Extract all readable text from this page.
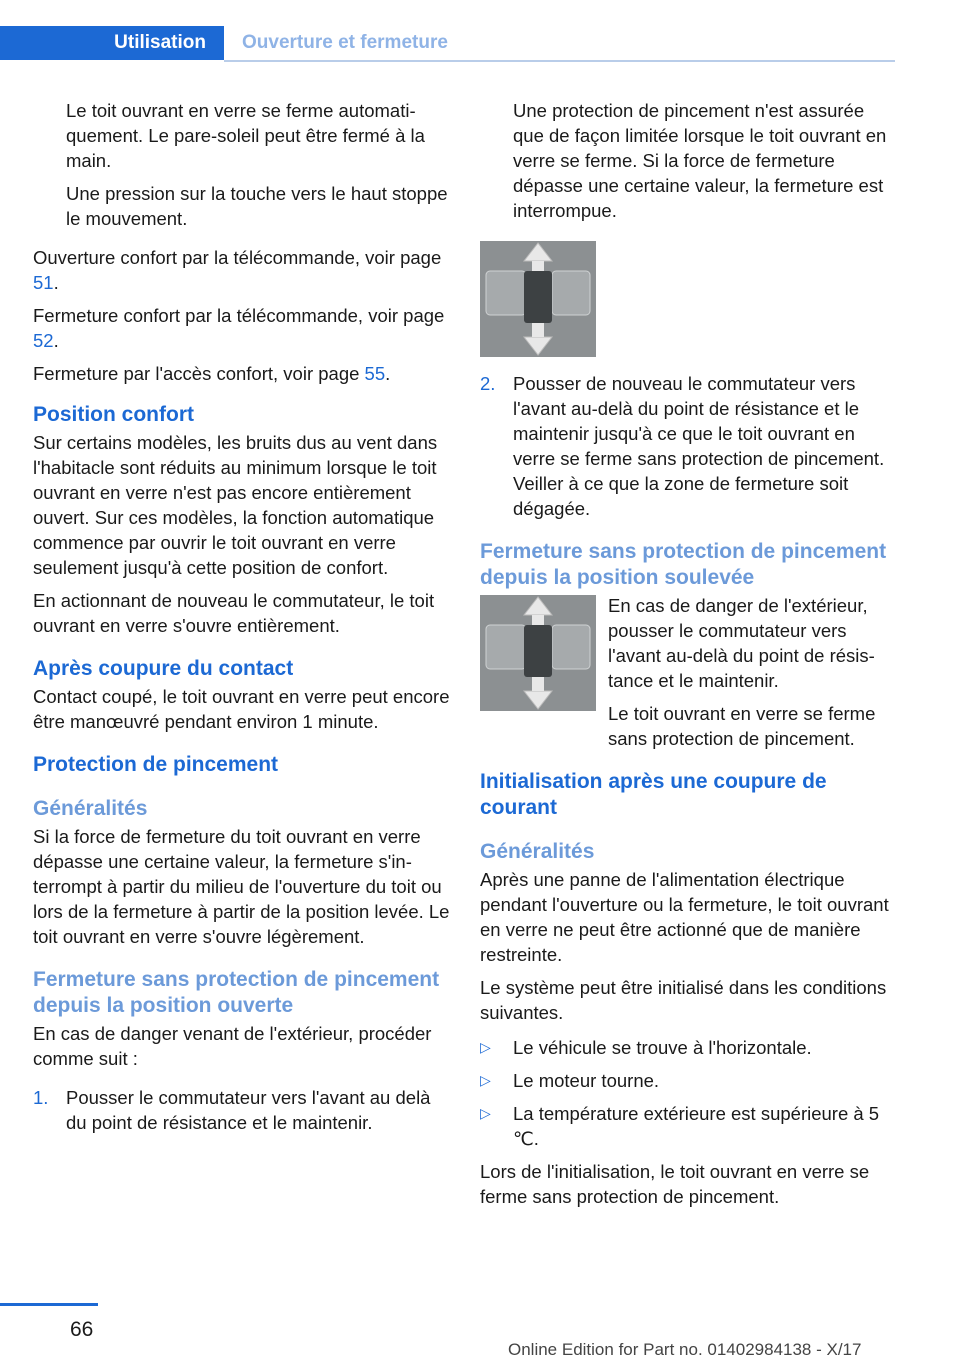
Utilisation Ouverture et fermeture

Le toit ouvrant en verre se ferme automatiquement. Le pare-soleil peut être fermé à la main.

Une pression sur la touche vers le haut stoppe le mouvement.

Ouverture confort par la télécommande, voir page 51.

Fermeture confort par la télécommande, voir page 52.

Fermeture par l'accès confort, voir page 55.

Position confort

Sur certains modèles, les bruits dus au vent dans l'habitacle sont réduits au minimum lorsque le toit ouvrant en verre n'est pas encore entièrement ouvert. Sur ces modèles, la fonction automatique commence par ouvrir le toit ouvrant en verre seulement jusqu'à cette position de confort.

En actionnant de nouveau le commutateur, le toit ouvrant en verre s'ouvre entièrement.

Après coupure du contact

Contact coupé, le toit ouvrant en verre peut encore être manœuvré pendant environ 1 minute.

Protection de pincement
Généralités

Si la force de fermeture du toit ouvrant en verre dépasse une certaine valeur, la fermeture s'interrompt à partir du milieu de l'ouverture du toit ou lors de la fermeture à partir de la position levée. Le toit ouvrant en verre s'ouvre légèrement.

Fermeture sans protection de pincement depuis la position ouverte

En cas de danger venant de l'extérieur, procéder comme suit :

1. Pousser le commutateur vers l'avant au delà du point de résistance et le maintenir.

Une protection de pincement n'est assurée que de façon limitée lorsque le toit ouvrant en verre se ferme. Si la force de fermeture dépasse une certaine valeur, la fermeture est interrompue.

2. Pousser de nouveau le commutateur vers l'avant au-delà du point de résistance et le maintenir jusqu'à ce que le toit ouvrant en verre se ferme sans protection de pincement. Veiller à ce que la zone de fermeture soit dégagée.
Fermeture sans protection de pincement depuis la position soulevée

En cas de danger de l'extérieur, pousser le commutateur vers l'avant au-delà du point de résistance et le maintenir.

Le toit ouvrant en verre se ferme sans protection de pincement.

Initialisation après une coupure de courant
Généralités

Après une panne de l'alimentation électrique pendant l'ouverture ou la fermeture, le toit ouvrant en verre ne peut être actionné que de manière restreinte.

Le système peut être initialisé dans les conditions suivantes.

▷ Le véhicule se trouve à l'horizontale.
▷ Le moteur tourne.
▷ La température extérieure est supérieure à 5 ℃.

Lors de l'initialisation, le toit ouvrant en verre se ferme sans protection de pincement.

66
Online Edition for Part no. 01402984138 - X/17
